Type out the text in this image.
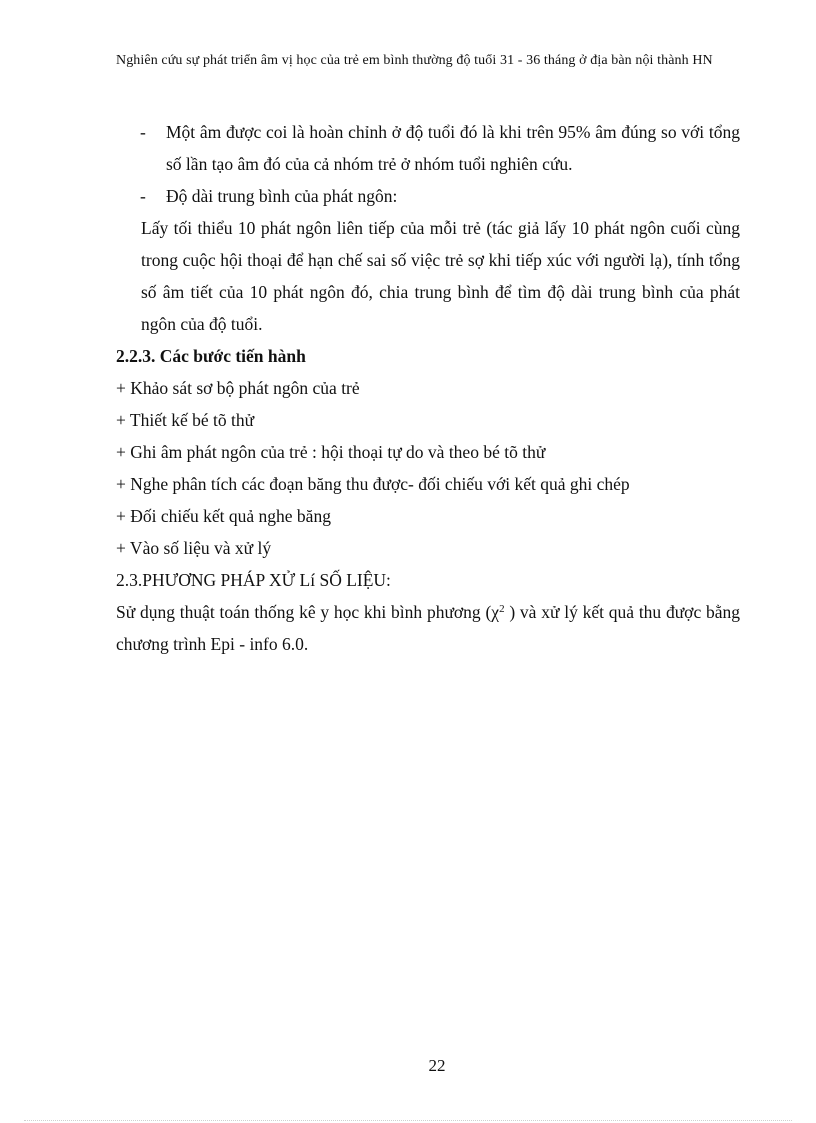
Nghiên cứu sự phát triển âm vị học của trẻ em bình thường độ tuổi 31 - 36 tháng ở địa bàn nội thành HN
- Một âm được coi là hoàn chỉnh ở độ tuổi đó là khi trên 95% âm đúng so với tổng số lần tạo âm đó của cả nhóm trẻ ở nhóm tuổi nghiên cứu.
- Độ dài trung bình của phát ngôn:
Lấy tối thiểu 10 phát ngôn liên tiếp của mỗi trẻ (tác giả lấy 10 phát ngôn cuối cùng trong cuộc hội thoại để hạn chế sai số việc trẻ sợ khi tiếp xúc với người lạ), tính tổng số âm tiết của 10 phát ngôn đó, chia trung bình để tìm độ dài trung bình của phát ngôn của độ tuổi.
2.2.3. Các bước tiến hành
+ Khảo sát sơ bộ phát ngôn của trẻ
+ Thiết kế bé tõ thử
+ Ghi âm phát ngôn của trẻ : hội thoại tự do và theo bé tõ thử
+ Nghe phân tích các đoạn băng thu được- đối chiếu với kết quả ghi chép
+ Đối chiếu kết quả nghe băng
+ Vào số liệu và xử lý
2.3.PHƯƠNG PHÁP XỬ Lí SỐ LIỆU:
Sử dụng thuật toán thống kê y học khi bình phương ($\chi^2$ ) và xử lý kết quả thu được bằng chương trình Epi - info 6.0.
22
